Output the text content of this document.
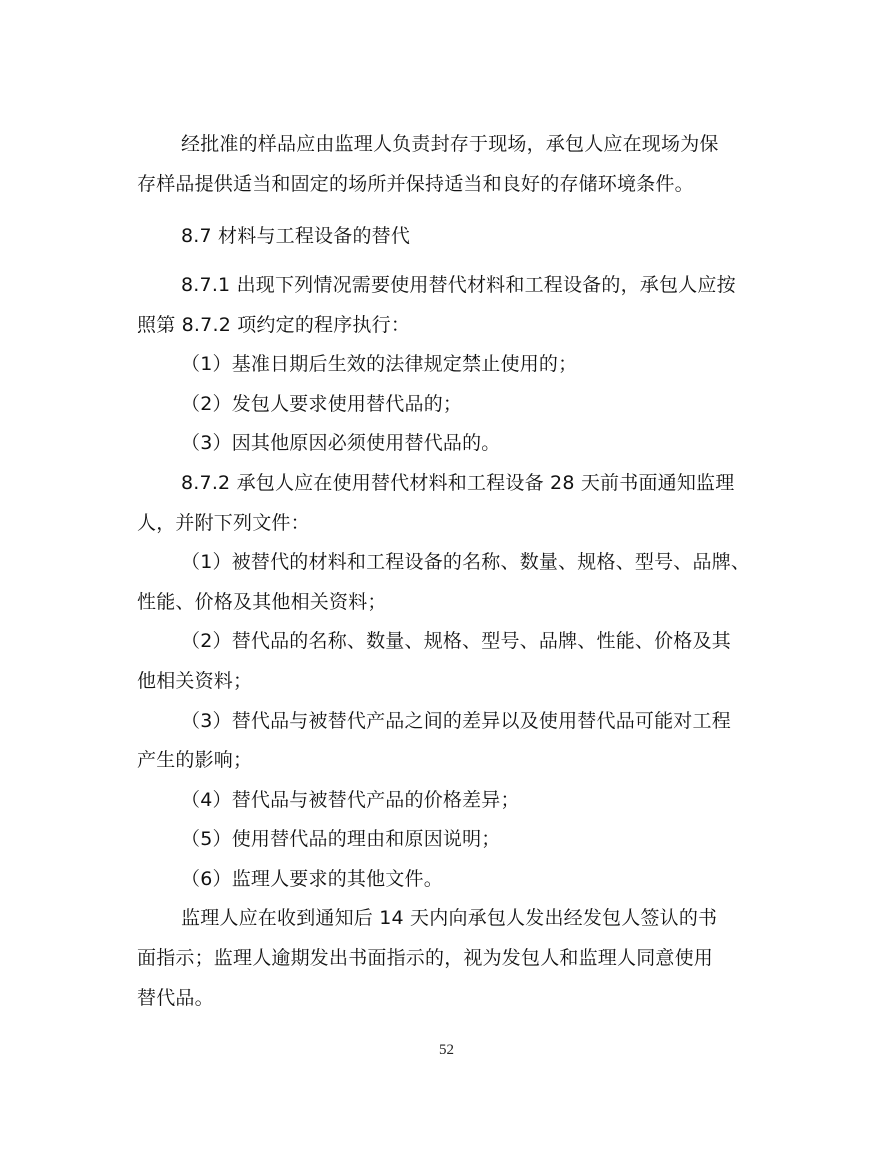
经批准的样品应由监理人负责封存于现场，承包人应在现场为保
存样品提供适当和固定的场所并保持适当和良好的存储环境条件。
8.7 材料与工程设备的替代
8.7.1 出现下列情况需要使用替代材料和工程设备的，承包人应按
照第 8.7.2 项约定的程序执行：
（1）基准日期后生效的法律规定禁止使用的；
（2）发包人要求使用替代品的；
（3）因其他原因必须使用替代品的。
8.7.2 承包人应在使用替代材料和工程设备 28 天前书面通知监理
人，并附下列文件：
（1）被替代的材料和工程设备的名称、数量、规格、型号、品牌、
性能、价格及其他相关资料；
（2）替代品的名称、数量、规格、型号、品牌、性能、价格及其
他相关资料；
（3）替代品与被替代产品之间的差异以及使用替代品可能对工程
产生的影响；
（4）替代品与被替代产品的价格差异；
（5）使用替代品的理由和原因说明；
（6）监理人要求的其他文件。
监理人应在收到通知后 14 天内向承包人发出经发包人签认的书
面指示；监理人逾期发出书面指示的，视为发包人和监理人同意使用
替代品。
52
